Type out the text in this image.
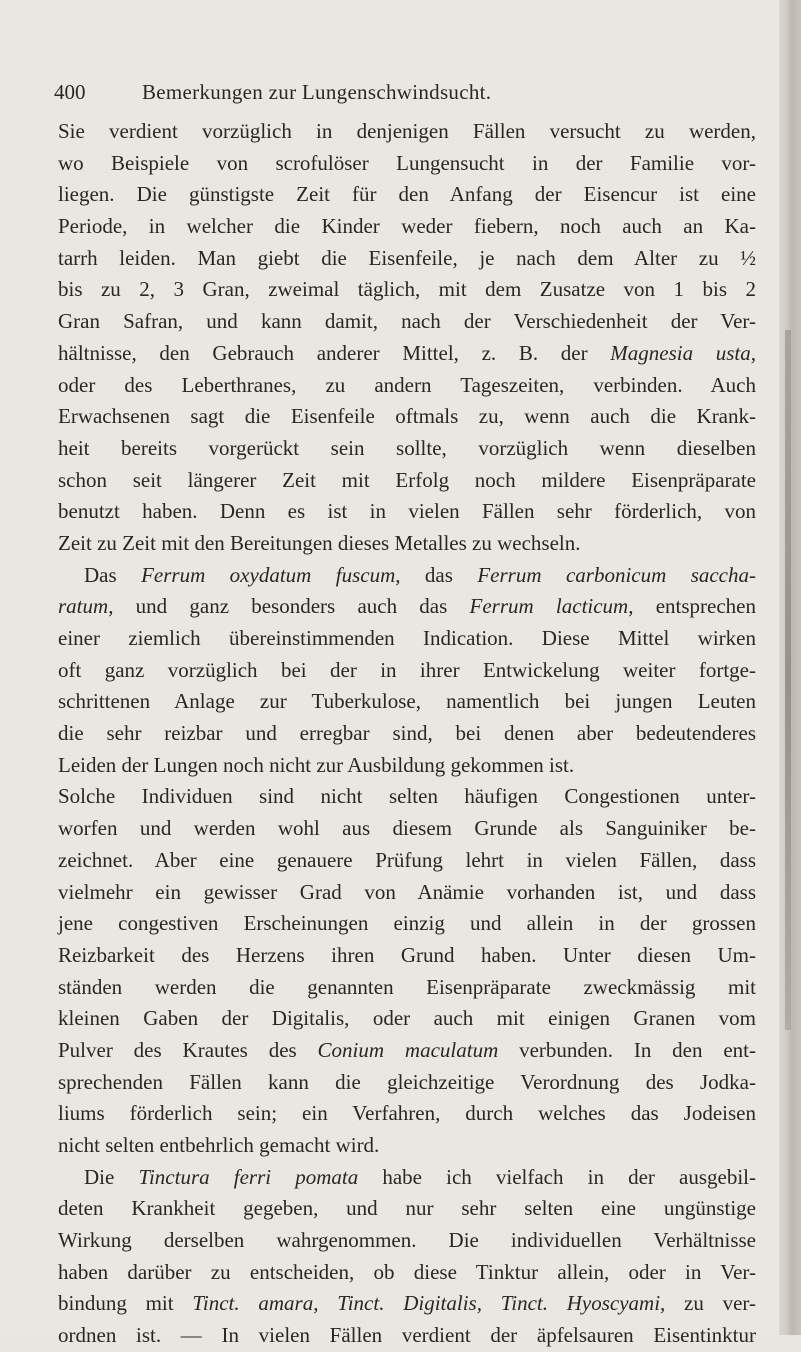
400	Bemerkungen zur Lungenschwindsucht.
Sie verdient vorzüglich in denjenigen Fällen versucht zu werden,
wo Beispiele von scrofulöser Lungensucht in der Familie vor-
liegen. Die günstigste Zeit für den Anfang der Eisencur ist eine
Periode, in welcher die Kinder weder fiebern, noch auch an Ka-
tarrh leiden. Man giebt die Eisenfeile, je nach dem Alter zu ½
bis zu 2, 3 Gran, zweimal täglich, mit dem Zusatze von 1 bis 2
Gran Safran, und kann damit, nach der Verschiedenheit der Ver-
hältnisse, den Gebrauch anderer Mittel, z. B. der Magnesia usta,
oder des Leberthranes, zu andern Tageszeiten, verbinden. Auch
Erwachsenen sagt die Eisenfeile oftmals zu, wenn auch die Krank-
heit bereits vorgerückt sein sollte, vorzüglich wenn dieselben
schon seit längerer Zeit mit Erfolg noch mildere Eisenpräparate
benutzt haben. Denn es ist in vielen Fällen sehr förderlich, von
Zeit zu Zeit mit den Bereitungen dieses Metalles zu wechseln.
Das Ferrum oxydatum fuscum, das Ferrum carbonicum saccha-
ratum, und ganz besonders auch das Ferrum lacticum, entsprechen
einer ziemlich übereinstimmenden Indication. Diese Mittel wirken
oft ganz vorzüglich bei der in ihrer Entwickelung weiter fortge-
schrittenen Anlage zur Tuberkulose, namentlich bei jungen Leuten
die sehr reizbar und erregbar sind, bei denen aber bedeutenderes
Leiden der Lungen noch nicht zur Ausbildung gekommen ist.
Solche Individuen sind nicht selten häufigen Congestionen unter-
worfen und werden wohl aus diesem Grunde als Sanguiniker be-
zeichnet. Aber eine genauere Prüfung lehrt in vielen Fällen, dass
vielmehr ein gewisser Grad von Anämie vorhanden ist, und dass
jene congestiven Erscheinungen einzig und allein in der grossen
Reizbarkeit des Herzens ihren Grund haben. Unter diesen Um-
ständen werden die genannten Eisenpräparate zweckmässig mit
kleinen Gaben der Digitalis, oder auch mit einigen Granen vom
Pulver des Krautes des Conium maculatum verbunden. In den ent-
sprechenden Fällen kann die gleichzeitige Verordnung des Jodka-
liums förderlich sein; ein Verfahren, durch welches das Jodeisen
nicht selten entbehrlich gemacht wird.
Die Tinctura ferri pomata habe ich vielfach in der ausgebil-
deten Krankheit gegeben, und nur sehr selten eine ungünstige
Wirkung derselben wahrgenommen. Die individuellen Verhältnisse
haben darüber zu entscheiden, ob diese Tinktur allein, oder in Ver-
bindung mit Tinct. amara, Tinct. Digitalis, Tinct. Hyoscyami, zu ver-
ordnen ist. — In vielen Fällen verdient der äpfelsauren Eisentinktur
